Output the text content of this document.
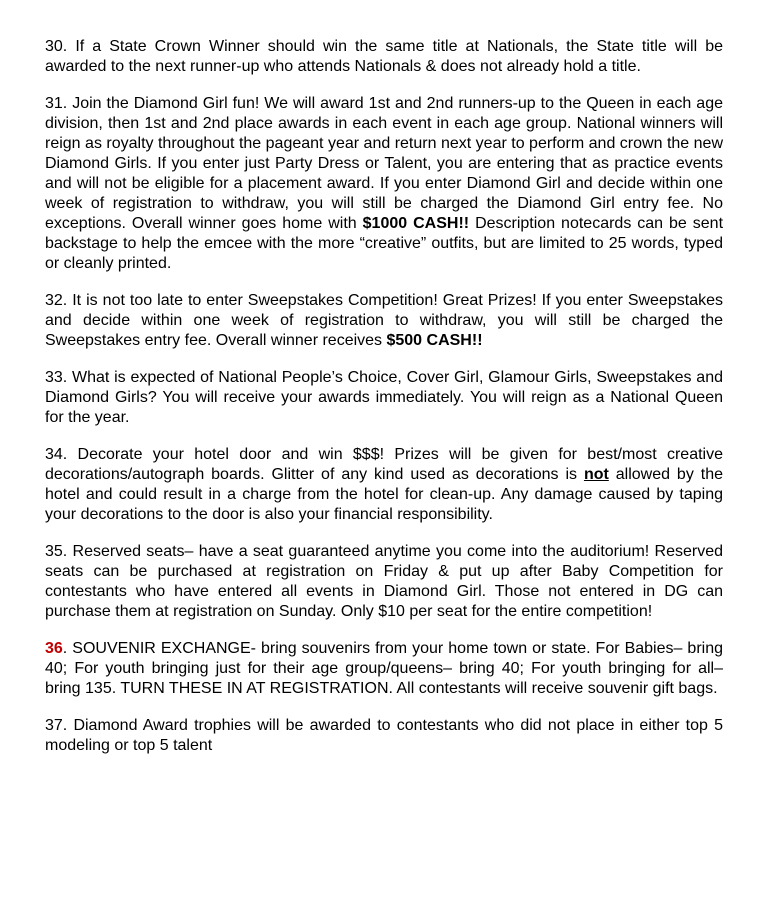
30. If a State Crown Winner should win the same title at Nationals, the State title will be awarded to the next runner-up who attends Nationals & does not already hold a title.

31. Join the Diamond Girl fun! We will award 1st and 2nd runners-up to the Queen in each age division, then 1st and 2nd place awards in each event in each age group. National winners will reign as royalty throughout the pageant year and return next year to perform and crown the new Diamond Girls. If you enter just Party Dress or Talent, you are entering that as practice events and will not be eligible for a placement award. If you enter Diamond Girl and decide within one week of registration to withdraw, you will still be charged the Diamond Girl entry fee. No exceptions. Overall winner goes home with $1000 CASH!! Description notecards can be sent backstage to help the emcee with the more “creative” outfits, but are limited to 25 words, typed or cleanly printed.

32. It is not too late to enter Sweepstakes Competition! Great Prizes! If you enter Sweepstakes and decide within one week of registration to withdraw, you will still be charged the Sweepstakes entry fee. Overall winner receives $500 CASH!!

33. What is expected of National People’s Choice, Cover Girl, Glamour Girls, Sweepstakes and Diamond Girls? You will receive your awards immediately. You will reign as a National Queen for the year.

34. Decorate your hotel door and win $$$! Prizes will be given for best/most creative decorations/autograph boards. Glitter of any kind used as decorations is not allowed by the hotel and could result in a charge from the hotel for clean-up. Any damage caused by taping your decorations to the door is also your financial responsibility.

35. Reserved seats– have a seat guaranteed anytime you come into the auditorium! Reserved seats can be purchased at registration on Friday & put up after Baby Competition for contestants who have entered all events in Diamond Girl. Those not entered in DG can purchase them at registration on Sunday. Only $10 per seat for the entire competition!

36. SOUVENIR EXCHANGE- bring souvenirs from your home town or state. For Babies– bring 40; For youth bringing just for their age group/queens– bring 40; For youth bringing for all– bring 135. TURN THESE IN AT REGISTRATION. All contestants will receive souvenir gift bags.

37. Diamond Award trophies will be awarded to contestants who did not place in either top 5 modeling or top 5 talent
